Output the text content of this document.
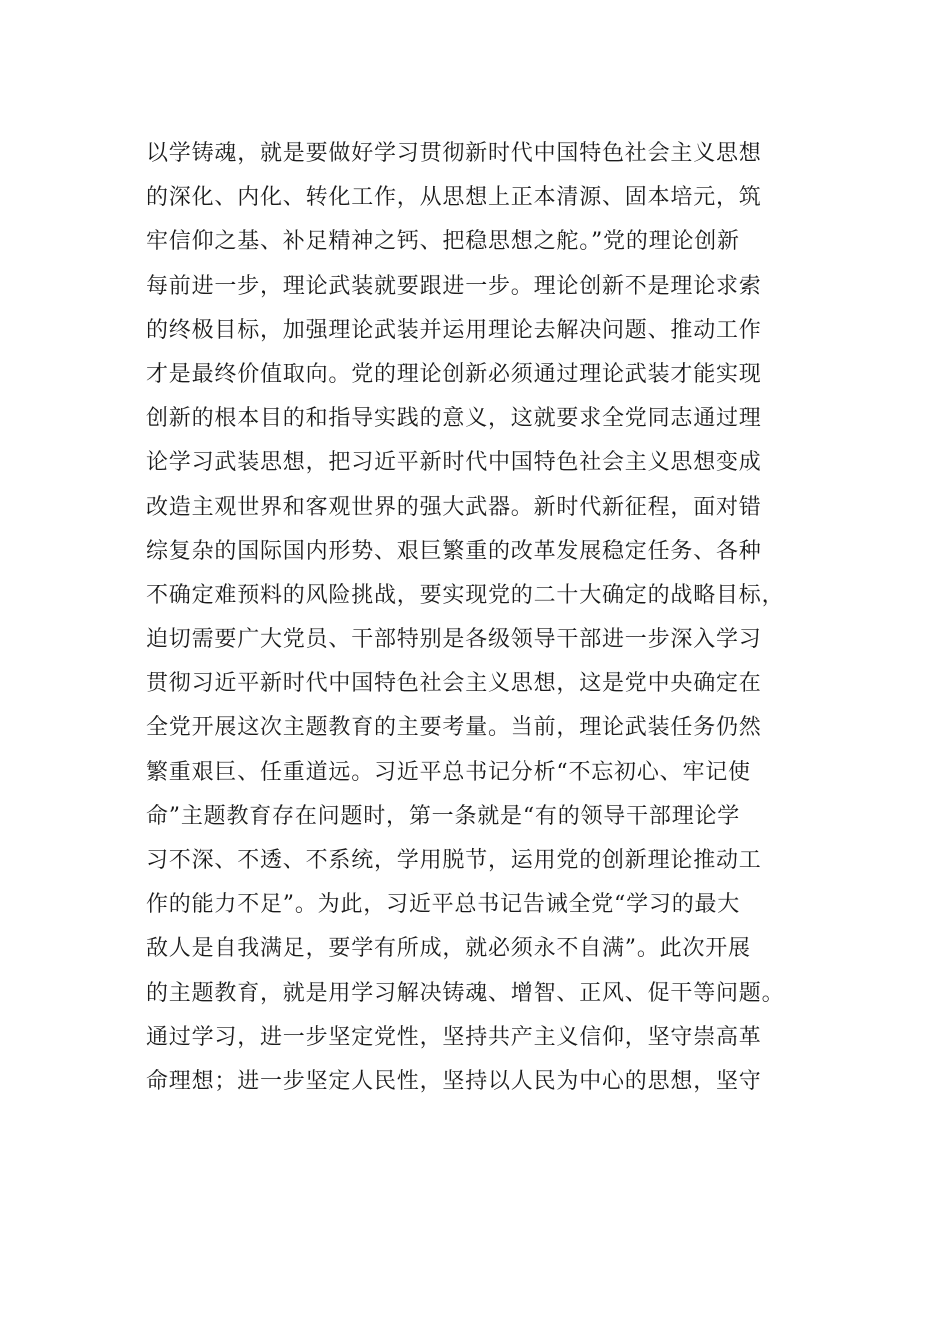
以学铸魂，就是要做好学习贯彻新时代中国特色社会主义思想
的深化、内化、转化工作，从思想上正本清源、固本培元，筑
牢信仰之基、补足精神之钙、把稳思想之舵。”党的理论创新
每前进一步，理论武装就要跟进一步。理论创新不是理论求索
的终极目标，加强理论武装并运用理论去解决问题、推动工作
才是最终价值取向。党的理论创新必须通过理论武装才能实现
创新的根本目的和指导实践的意义，这就要求全党同志通过理
论学习武装思想，把习近平新时代中国特色社会主义思想变成
改造主观世界和客观世界的强大武器。新时代新征程，面对错
综复杂的国际国内形势、艰巨繁重的改革发展稳定任务、各种
不确定难预料的风险挑战，要实现党的二十大确定的战略目标，
迫切需要广大党员、干部特别是各级领导干部进一步深入学习
贯彻习近平新时代中国特色社会主义思想，这是党中央确定在
全党开展这次主题教育的主要考量。当前，理论武装任务仍然
繁重艰巨、任重道远。习近平总书记分析“不忘初心、牢记使
命”主题教育存在问题时，第一条就是“有的领导干部理论学
习不深、不透、不系统，学用脱节，运用党的创新理论推动工
作的能力不足”。为此，习近平总书记告诫全党“学习的最大
敌人是自我满足，要学有所成，就必须永不自满”。此次开展
的主题教育，就是用学习解决铸魂、增智、正风、促干等问题。
通过学习，进一步坚定党性，坚持共产主义信仰，坚守崇高革
命理想；进一步坚定人民性，坚持以人民为中心的思想，坚守
